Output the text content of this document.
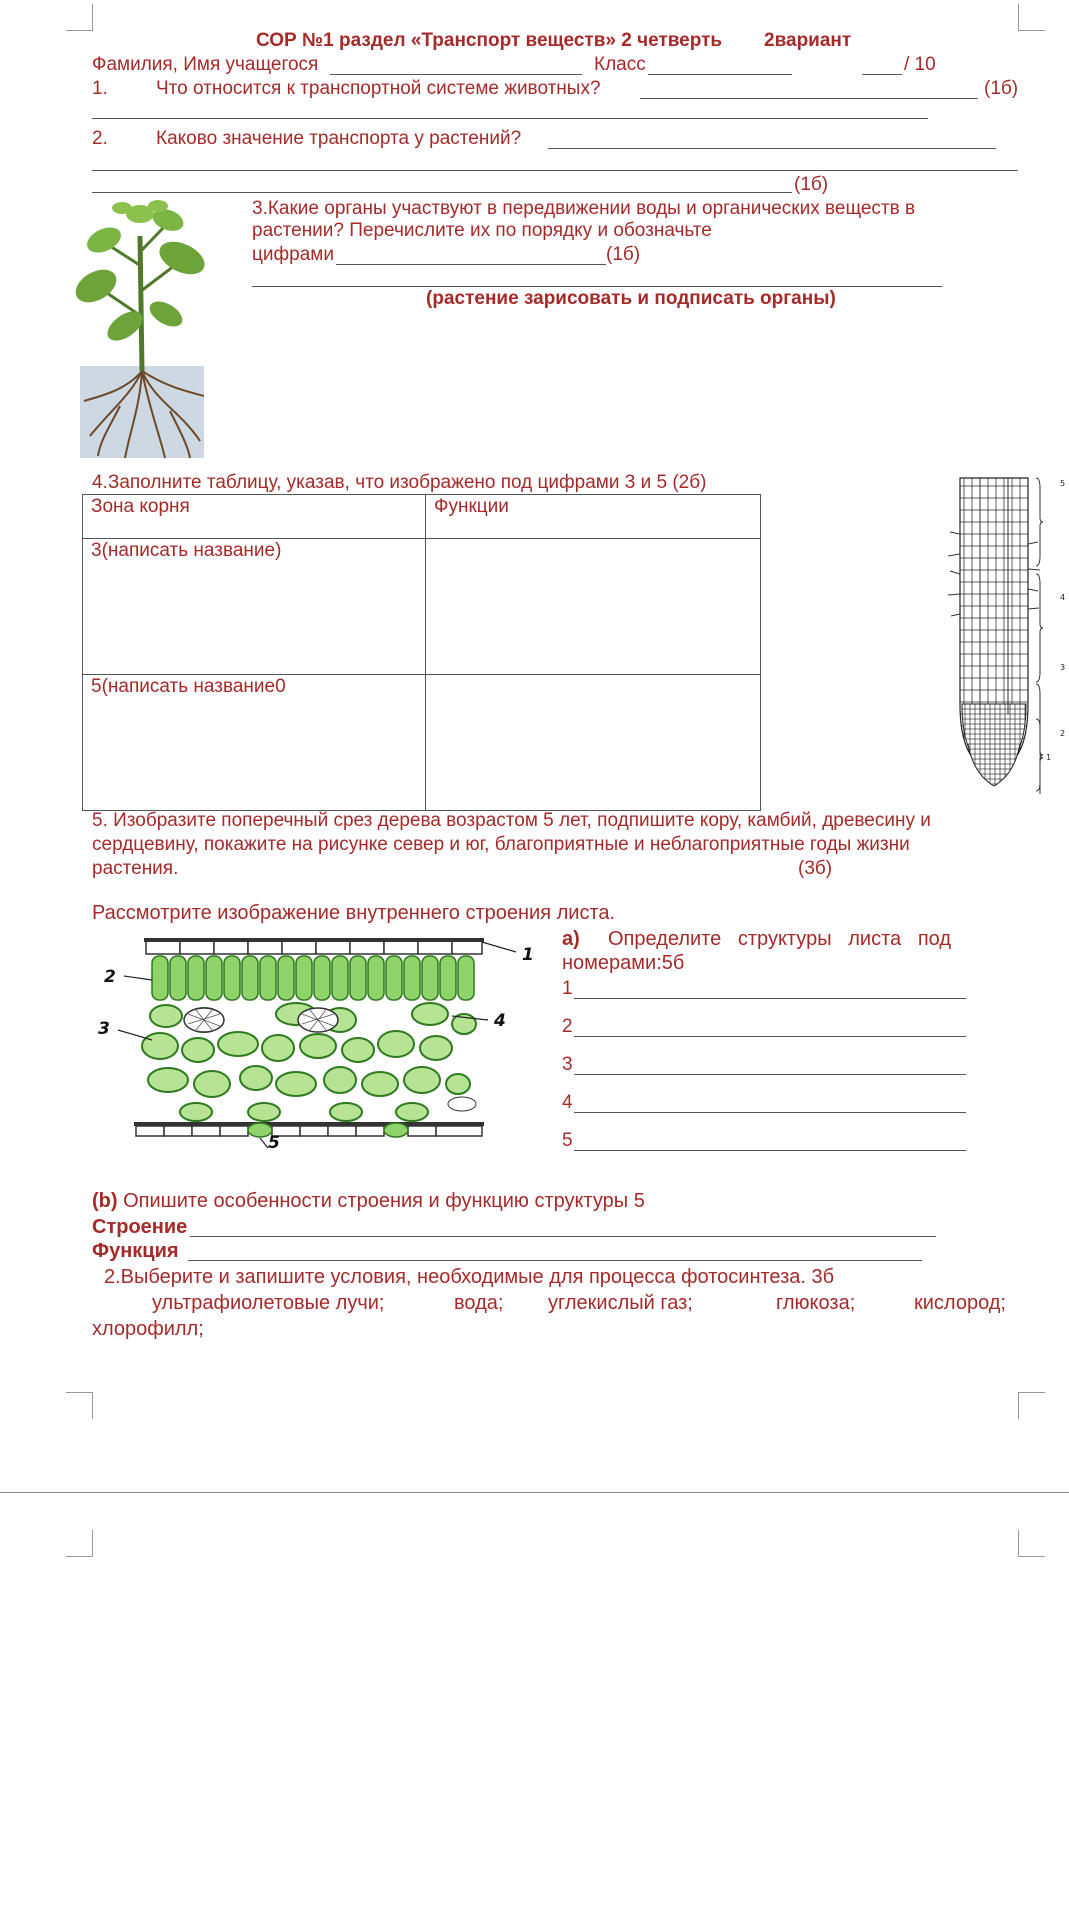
СОР №1 раздел «Транспорт веществ» 2 четверть 2вариант
Фамилия, Имя учащегося	Класс	/ 10
1.	Что относится к транспортной системе животных?	(1б)
2.	Каково значение транспорта у растений?
(1б)
3.Какие органы участвуют в передвижении воды и органических веществ в
растении? Перечислите их по порядку и обозначьте
цифрами	(1б)
(растение зарисовать и подписать органы)
4.Заполните таблицу, указав, что изображено под цифрами 3 и 5 (2б)
Зона корня	Функции
3(написать название)	
5(написать название0	
5
4
3
2
1
5. Изобразите поперечный срез дерева возрастом 5 лет, подпишите кору, камбий, древесину и
сердцевину, покажите на рисунке север и юг, благоприятные и неблагоприятные годы жизни
растения.	(3б)
Рассмотрите изображение внутреннего строения листа.
1
2
3	4
5
а) Определите   структуры   листа   под
номерами:5б
1
2
3
4
5
(b) Опишите особенности строения и функцию структуры 5
Строение
Функция
2.Выберите и запишите условия, необходимые для процесса фотосинтеза. 3б
ультрафиолетовые лучи;	вода; углекислый газ;	глюкоза;	кислород;
хлорофилл;
